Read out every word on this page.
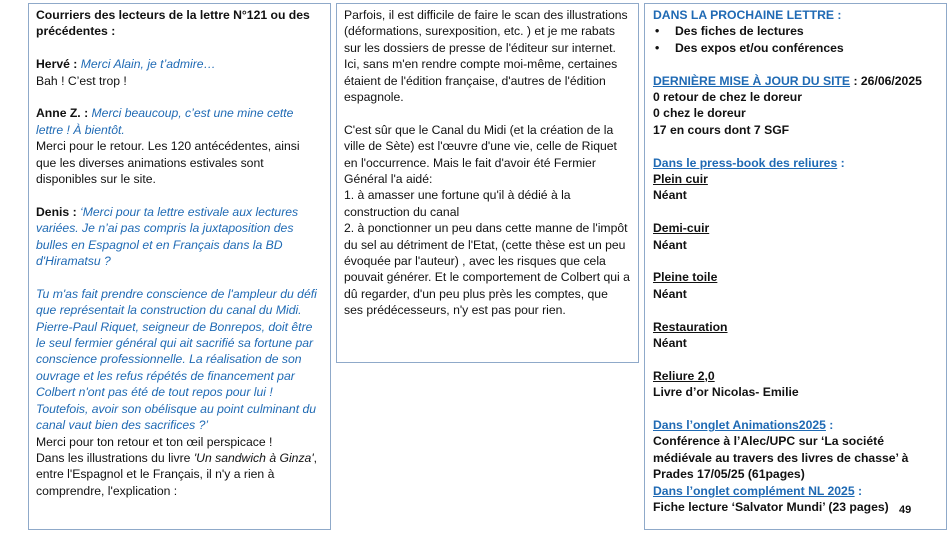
Courriers des lecteurs de la lettre N°121 ou des précédentes :

Hervé : Merci Alain, je t’admire…

Bah ! C’est trop !

Anne Z. : Merci beaucoup, c’est une mine cette lettre ! À bientôt.

Merci pour le retour. Les 120 antécédentes, ainsi que les diverses animations estivales sont disponibles sur le site.

Denis : ‘Merci pour ta lettre estivale aux lectures variées. Je n’ai pas compris la juxtaposition des bulles en Espagnol et en Français dans la BD d'Hiramatsu ?

Tu m'as fait prendre conscience de l'ampleur du défi que représentait la construction du canal du Midi. Pierre-Paul Riquet, seigneur de Bonrepos, doit être le seul fermier général qui ait sacrifié sa fortune par conscience professionnelle. La réalisation de son ouvrage et les refus répétés de financement par Colbert n'ont pas été de tout repos pour lui ! Toutefois, avoir son obélisque au point culminant du canal vaut bien des sacrifices ?’

Merci pour ton retour et ton œil perspicace !

Dans les illustrations du livre 'Un sandwich à Ginza', entre l'Espagnol et le Français, il n'y a rien à comprendre, l'explication :

Parfois, il est difficile de faire le scan des illustrations (déformations, surexposition, etc. ) et je me rabats sur les dossiers de presse de l'éditeur sur internet.

Ici, sans m'en rendre compte moi-même, certaines étaient de l'édition française, d'autres de l'édition espagnole.

C'est sûr que le Canal du Midi (et la création de la ville de Sète) est l'œuvre d'une vie, celle de Riquet en l'occurrence. Mais le fait d'avoir été Fermier Général l'a aidé:

1. à amasser une fortune qu'il à dédié à la construction du canal

2. à ponctionner un peu dans cette manne de l'impôt du sel au détriment de l'Etat, (cette thèse est un peu évoquée par l'auteur) , avec les risques que cela pouvait générer. Et le comportement de Colbert qui a dû regarder, d'un peu plus près les comptes, que ses prédécesseurs, n'y est pas pour rien.

DANS LA PROCHAINE LETTRE :

• Des fiches de lectures
• Des expos et/ou conférences

DERNIÈRE MISE À JOUR DU SITE : 26/06/2025

0 retour de chez le doreur

0 chez le doreur

17 en cours dont 7 SGF

Dans le press-book des reliures :

Plein cuir

Néant

Demi-cuir

Néant

Pleine toile

Néant

Restauration

Néant

Reliure 2,0

Livre d’or Nicolas- Emilie

Dans l’onglet Animations2025 :

Conférence à l’Alec/UPC sur ‘La société médiévale au travers des livres de chasse’ à Prades 17/05/25 (61pages)

Dans l’onglet complément NL 2025 :

Fiche lecture ‘Salvator Mundi’ (23 pages) 49
